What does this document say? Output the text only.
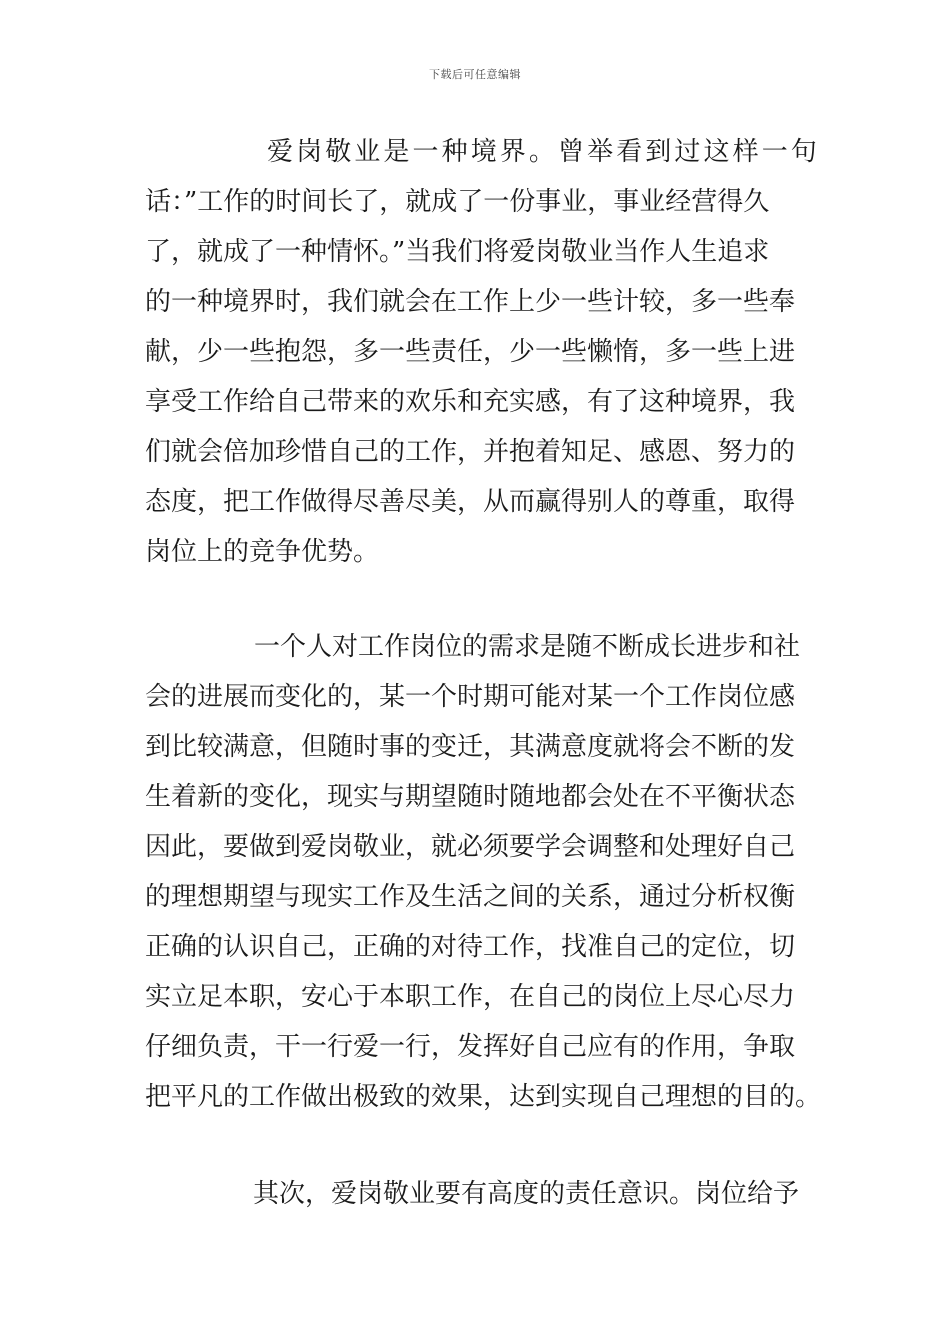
下载后可任意编辑
爱岗敬业是一种境界。曾举看到过这样一句
话：”工作的时间长了，就成了一份事业，事业经营得久
了，就成了一种情怀。”当我们将爱岗敬业当作人生追求
的一种境界时，我们就会在工作上少一些计较，多一些奉
献，少一些抱怨，多一些责任，少一些懒惰，多一些上进
享受工作给自己带来的欢乐和充实感，有了这种境界，我
们就会倍加珍惜自己的工作，并抱着知足、感恩、努力的
态度，把工作做得尽善尽美，从而赢得别人的尊重，取得
岗位上的竞争优势。
一个人对工作岗位的需求是随不断成长进步和社
会的进展而变化的，某一个时期可能对某一个工作岗位感
到比较满意，但随时事的变迁，其满意度就将会不断的发
生着新的变化，现实与期望随时随地都会处在不平衡状态
因此，要做到爱岗敬业，就必须要学会调整和处理好自己
的理想期望与现实工作及生活之间的关系，通过分析权衡
正确的认识自己，正确的对待工作，找准自己的定位，切
实立足本职，安心于本职工作，在自己的岗位上尽心尽力
仔细负责，干一行爱一行，发挥好自己应有的作用，争取
把平凡的工作做出极致的效果，达到实现自己理想的目的。
其次，爱岗敬业要有高度的责任意识。岗位给予
